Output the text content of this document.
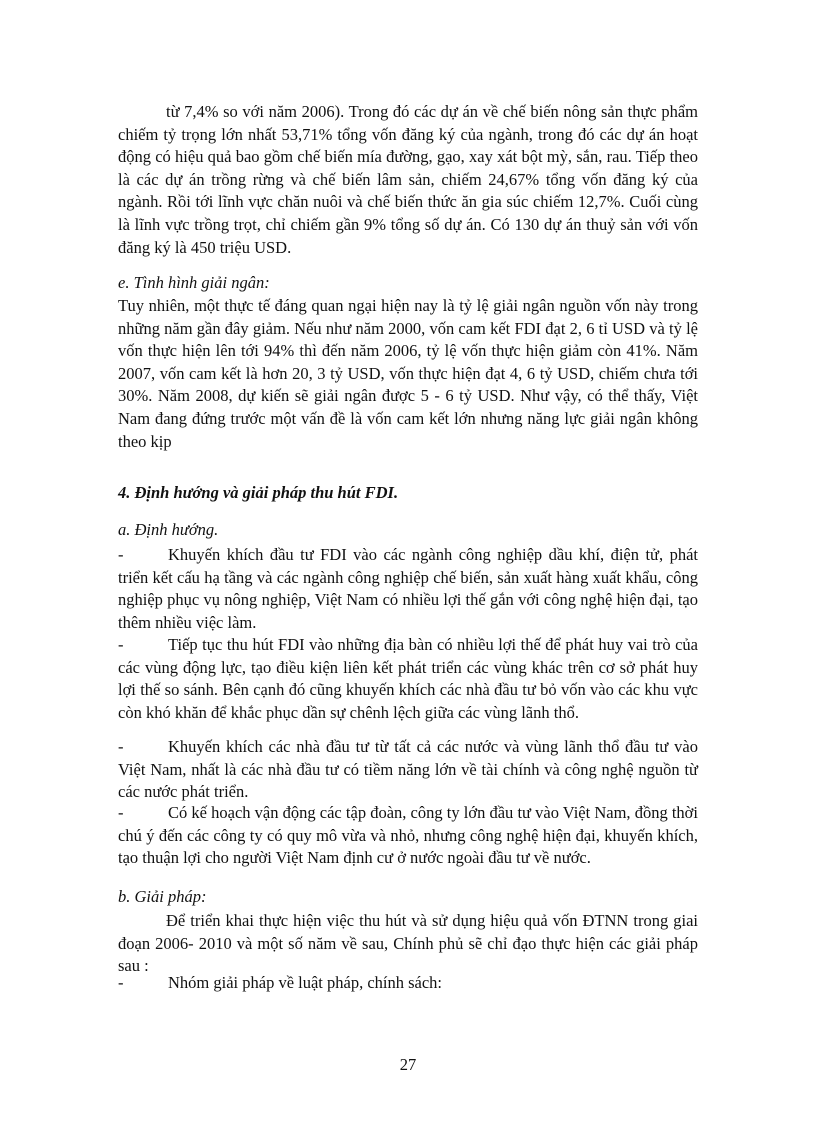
từ 7,4% so với năm 2006). Trong đó các dự án về chế biến nông sản thực phẩm chiếm tỷ trọng lớn nhất 53,71% tổng vốn đăng ký của ngành, trong đó các dự án hoạt động có hiệu quả bao gồm chế biến mía đường, gạo, xay xát bột mỳ, sắn, rau. Tiếp theo là các dự án trồng rừng và chế biến lâm sản, chiếm 24,67% tổng vốn đăng ký của ngành. Rồi tới lĩnh vực chăn nuôi và chế biến thức ăn gia súc chiếm 12,7%. Cuối cùng là lĩnh vực trồng trọt, chỉ chiếm gần 9% tổng số dự án. Có 130 dự án thuỷ sản với vốn đăng ký là 450 triệu USD.

e. Tình hình giải ngân:

Tuy nhiên, một thực tế đáng quan ngại hiện nay là tỷ lệ giải ngân nguồn vốn này trong những năm gần đây giảm. Nếu như năm 2000, vốn cam kết FDI đạt 2, 6 tỉ USD và tỷ lệ vốn thực hiện lên tới 94% thì đến năm 2006, tỷ lệ vốn thực hiện giảm còn 41%. Năm 2007, vốn cam kết là hơn 20, 3 tỷ USD, vốn thực hiện đạt 4, 6 tỷ USD, chiếm chưa tới 30%. Năm 2008, dự kiến sẽ giải ngân được 5 - 6 tỷ USD. Như vậy, có thể thấy, Việt Nam đang đứng trước một vấn đề là vốn cam kết lớn nhưng năng lực giải ngân không theo kịp

4. Định hướng và giải pháp thu hút FDI.

a. Định hướng.

-	Khuyến khích đầu tư FDI vào các ngành công nghiệp dầu khí, điện tử, phát triển kết cấu hạ tầng và các ngành công nghiệp chế biến, sản xuất hàng xuất khẩu, công nghiệp phục vụ nông nghiệp, Việt Nam có nhiều lợi thế gắn với công nghệ hiện đại, tạo thêm nhiều việc làm.
-	Tiếp tục thu hút FDI vào những địa bàn có nhiều lợi thế để phát huy vai trò của các vùng động lực, tạo điều kiện liên kết phát triển các vùng khác trên cơ sở phát huy lợi thế so sánh. Bên cạnh đó cũng khuyến khích các nhà đầu tư bỏ vốn vào các khu vực còn khó khăn để khắc phục dần sự chênh lệch giữa các vùng lãnh thổ.
-	Khuyến khích các nhà đầu tư từ tất cả các nước và vùng lãnh thổ đầu tư vào Việt Nam, nhất là các nhà đầu tư có tiềm năng lớn về tài chính và công nghệ nguồn từ các nước phát triển.
-	Có kế hoạch vận động các tập đoàn, công ty lớn đầu tư vào Việt Nam, đồng thời chú ý đến các công ty có quy mô vừa và nhỏ, nhưng công nghệ hiện đại, khuyến khích, tạo thuận lợi cho người Việt Nam định cư ở nước ngoài đầu tư về nước.

b. Giải pháp:

Để triển khai thực hiện việc thu hút và sử dụng hiệu quả vốn ĐTNN trong giai đoạn 2006- 2010 và một số năm về sau, Chính phủ sẽ chỉ đạo thực hiện các giải pháp sau :

-	Nhóm giải pháp về luật pháp, chính sách:
27
